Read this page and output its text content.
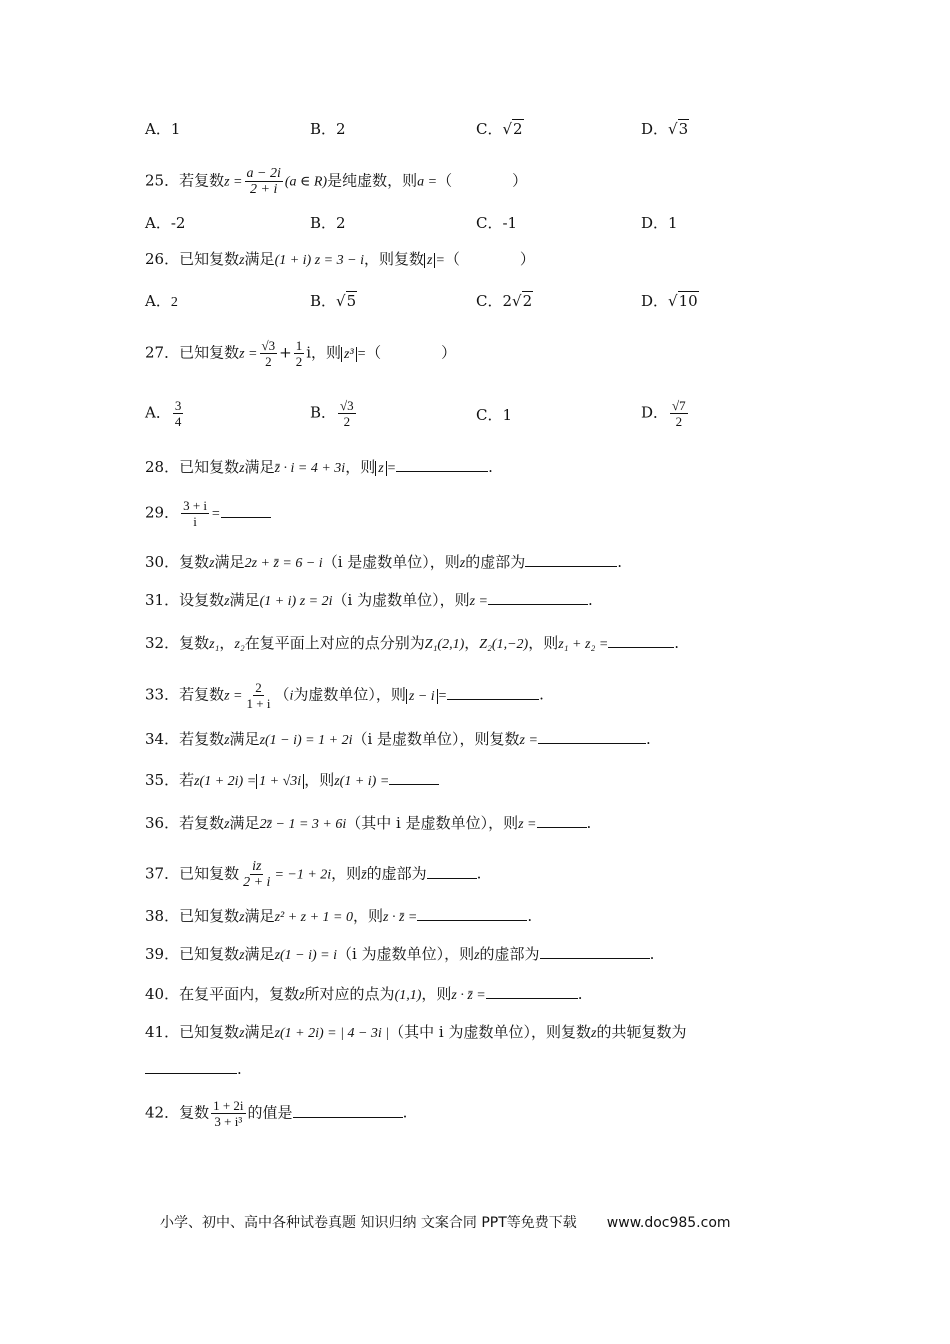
A．1	B．2	C．√2	D．√3
25．若复数$z = \frac{a - 2i}{2 + i} (a$ ∈ R)是纯虚数，则a =（　　　　）
A．-2	B．2	C．-1	D．1
26．已知复数z满足(1 + i) z = 3 − i，则复数 z =（　　　　）
A．2	B．√5	C．2√2	D．√10
27．已知复数$z = \frac{√3}{2} + \frac{1}{2}$ i，则 z³ =（　　　　）
A． $\frac{3}{4}$	B． $\frac{√3}{2}$	C．1	D． $\frac{√7}{2}$
28．已知复数z满足z̄ · i = 4 + 3i，则 z =	.
29． $\frac{3 + i}{i}$ =
30．复数z满足2z + z̄ = 6 − i（i 是虚数单位），则z的虚部为	.
31．设复数z满足(1 + i) z = 2i（i 为虚数单位），则z =	.
32．复数z₁，z₂在复平面上对应的点分别为Z₁(2,1)，Z₂(1,−2)，则z₁ + z₂ =	.
33．若复数$z = \frac{2}{1 + i} (i$为虚数单位），则 z − i =	.
34．若复数z满足z(1 − i) = 1 + 2i（i 是虚数单位），则复数z =	.
35．若z(1 + 2i) = 1 + √3i ，则z(1 + i) =
36．若复数z满足2z̄ − 1 = 3 + 6i（其中 i 是虚数单位），则z =	.
37．已知复数 $\frac{iz}{2 + i} = -1 + 2i$，则z̄的虚部为	.
38．已知复数z满足z² + z + 1 = 0，则z · z̄ =	.
39．已知复数z满足z(1 − i) = i（i 为虚数单位），则z的虚部为	.
40．在复平面内，复数z所对应的点为(1,1)，则z · z̄ =	.
41．已知复数z满足z(1 + 2i) = | 4 − 3i |（其中 i 为虚数单位），则复数z的共轭复数为
.
42．复数 $\frac{1 + 2i}{\text{3 + i³}}$ 的值是	.
小学、初中、高中各种试卷真题 知识归纳 文案合同 PPT等免费下载 www.doc985.com
